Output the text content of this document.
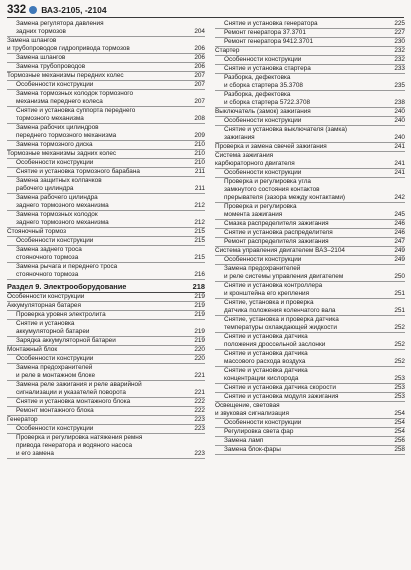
332 ВАЗ-2105, -2104
Замена регулятора давления
задних тормозов	204
Замена шлангов
и трубопроводов гидропривода тормозов	206
Замена шлангов	206
Замена трубопроводов	206
Тормозные механизмы передних колес	207
Особенности конструкции	207
Замена тормозных колодок тормозного
механизма переднего колеса	207
Снятие и установка суппорта переднего
тормозного механизма	208
Замена рабочих цилиндров
переднего тормозного механизма	209
Замена тормозного диска	210
Тормозные механизмы задних колес	210
Особенности конструкции	210
Снятие и установка тормозного барабана	211
Замена защитных колпачков
рабочего цилиндра	211
Замена рабочего цилиндра
заднего тормозного механизма	212
Замена тормозных колодок
заднего тормозного механизма	212
Стояночный тормоз	215
Особенности конструкции	215
Замена заднего троса
стояночного тормоза	215
Замена рычага и переднего троса
стояночного тормоза	216
Раздел 9. Электрооборудование	218
Особенности конструкции	219
Аккумуляторная батарея	219
Проверка уровня электролита	219
Снятие и установка
аккумуляторной батареи	219
Зарядка аккумуляторной батареи	219
Монтажный блок	220
Особенности конструкции	220
Замена предохранителей
и реле в монтажном блоке	221
Замена реле зажигания и реле аварийной
сигнализации и указателей поворота	221
Снятие и установка монтажного блока	222
Ремонт монтажного блока	222
Генератор	223
Особенности конструкции	223
Проверка и регулировка натяжения ремня
привода генератора и водяного насоса
и его замена	223
Снятие и установка генератора	225
Ремонт генератора 37.3701	227
Ремонт генератора 9412.3701	230
Стартер	232
Особенности конструкции	232
Снятие и установка стартера	233
Разборка, дефектовка
и сборка стартера 35.3708	235
Разборка, дефектовка
и сборка стартера 5722.3708	238
Выключатель (замок) зажигания	240
Особенности конструкции	240
Снятие и установка выключателя (замка)
зажигания	240
Проверка и замена свечей зажигания	241
Система зажигания
карбюраторного двигателя	241
Особенности конструкции	241
Проверка и регулировка угла
замкнутого состояния контактов
прерывателя (зазора между контактами)	242
Проверка и регулировка
момента зажигания	245
Смазка распределителя зажигания	246
Снятие и установка распределителя	246
Ремонт распределителя зажигания	247
Система управления двигателем ВАЗ–2104	249
Особенности конструкции	249
Замена предохранителей
и реле системы управления двигателем	250
Снятие и установка контроллера
и кронштейна его крепления	251
Снятие, установка и проверка
датчика положения коленчатого вала	251
Снятие, установка и проверка датчика
температуры охлаждающей жидкости	252
Снятие и установка датчика
положения дроссельной заслонки	252
Снятие и установка датчика
массового расхода воздуха	252
Снятие и установка датчика
концентрации кислорода	253
Снятие и установка датчика скорости	253
Снятие и установка модуля зажигания	253
Освещение, световая
и звуковая сигнализация	254
Особенности конструкции	254
Регулировка света фар	254
Замена ламп	256
Замена блок-фары	258
